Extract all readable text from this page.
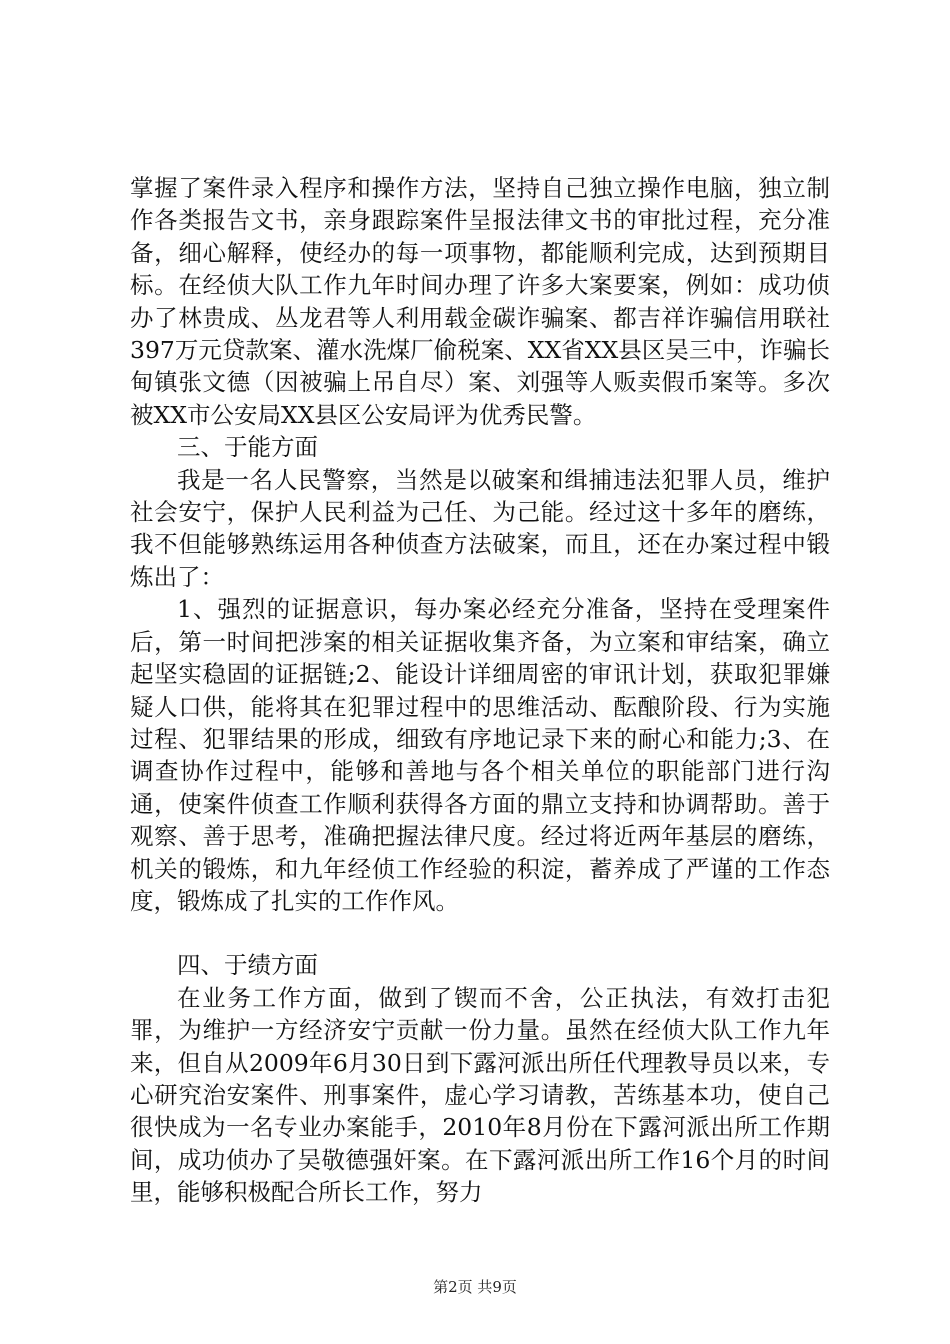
掌握了案件录入程序和操作方法，坚持自己独立操作电脑，独立制作各类报告文书，亲身跟踪案件呈报法律文书的审批过程，充分准备，细心解释，使经办的每一项事物，都能顺利完成，达到预期目标。在经侦大队工作九年时间办理了许多大案要案，例如：成功侦办了林贵成、丛龙君等人利用载金碳诈骗案、都吉祥诈骗信用联社397万元贷款案、灌水洗煤厂偷税案、XX省XX县区吴三中，诈骗长甸镇张文德（因被骗上吊自尽）案、刘强等人贩卖假币案等。多次被XX市公安局XX县区公安局评为优秀民警。

三、于能方面

我是一名人民警察，当然是以破案和缉捕违法犯罪人员，维护社会安宁，保护人民利益为己任、为己能。经过这十多年的磨练，我不但能够熟练运用各种侦查方法破案，而且，还在办案过程中锻炼出了：

1、强烈的证据意识，每办案必经充分准备，坚持在受理案件后，第一时间把涉案的相关证据收集齐备，为立案和审结案，确立起坚实稳固的证据链;2、能设计详细周密的审讯计划，获取犯罪嫌疑人口供，能将其在犯罪过程中的思维活动、酝酿阶段、行为实施过程、犯罪结果的形成，细致有序地记录下来的耐心和能力;3、在调查协作过程中，能够和善地与各个相关单位的职能部门进行沟通，使案件侦查工作顺利获得各方面的鼎立支持和协调帮助。善于观察、善于思考，准确把握法律尺度。经过将近两年基层的磨练，机关的锻炼，和九年经侦工作经验的积淀，蓄养成了严谨的工作态度，锻炼成了扎实的工作作风。

四、于绩方面

在业务工作方面，做到了锲而不舍，公正执法，有效打击犯罪，为维护一方经济安宁贡献一份力量。虽然在经侦大队工作九年来，但自从2009年6月30日到下露河派出所任代理教导员以来，专心研究治安案件、刑事案件，虚心学习请教，苦练基本功，使自己很快成为一名专业办案能手，2010年8月份在下露河派出所工作期间，成功侦办了吴敬德强奸案。在下露河派出所工作16个月的时间里，能够积极配合所长工作，努力

第2页 共9页
